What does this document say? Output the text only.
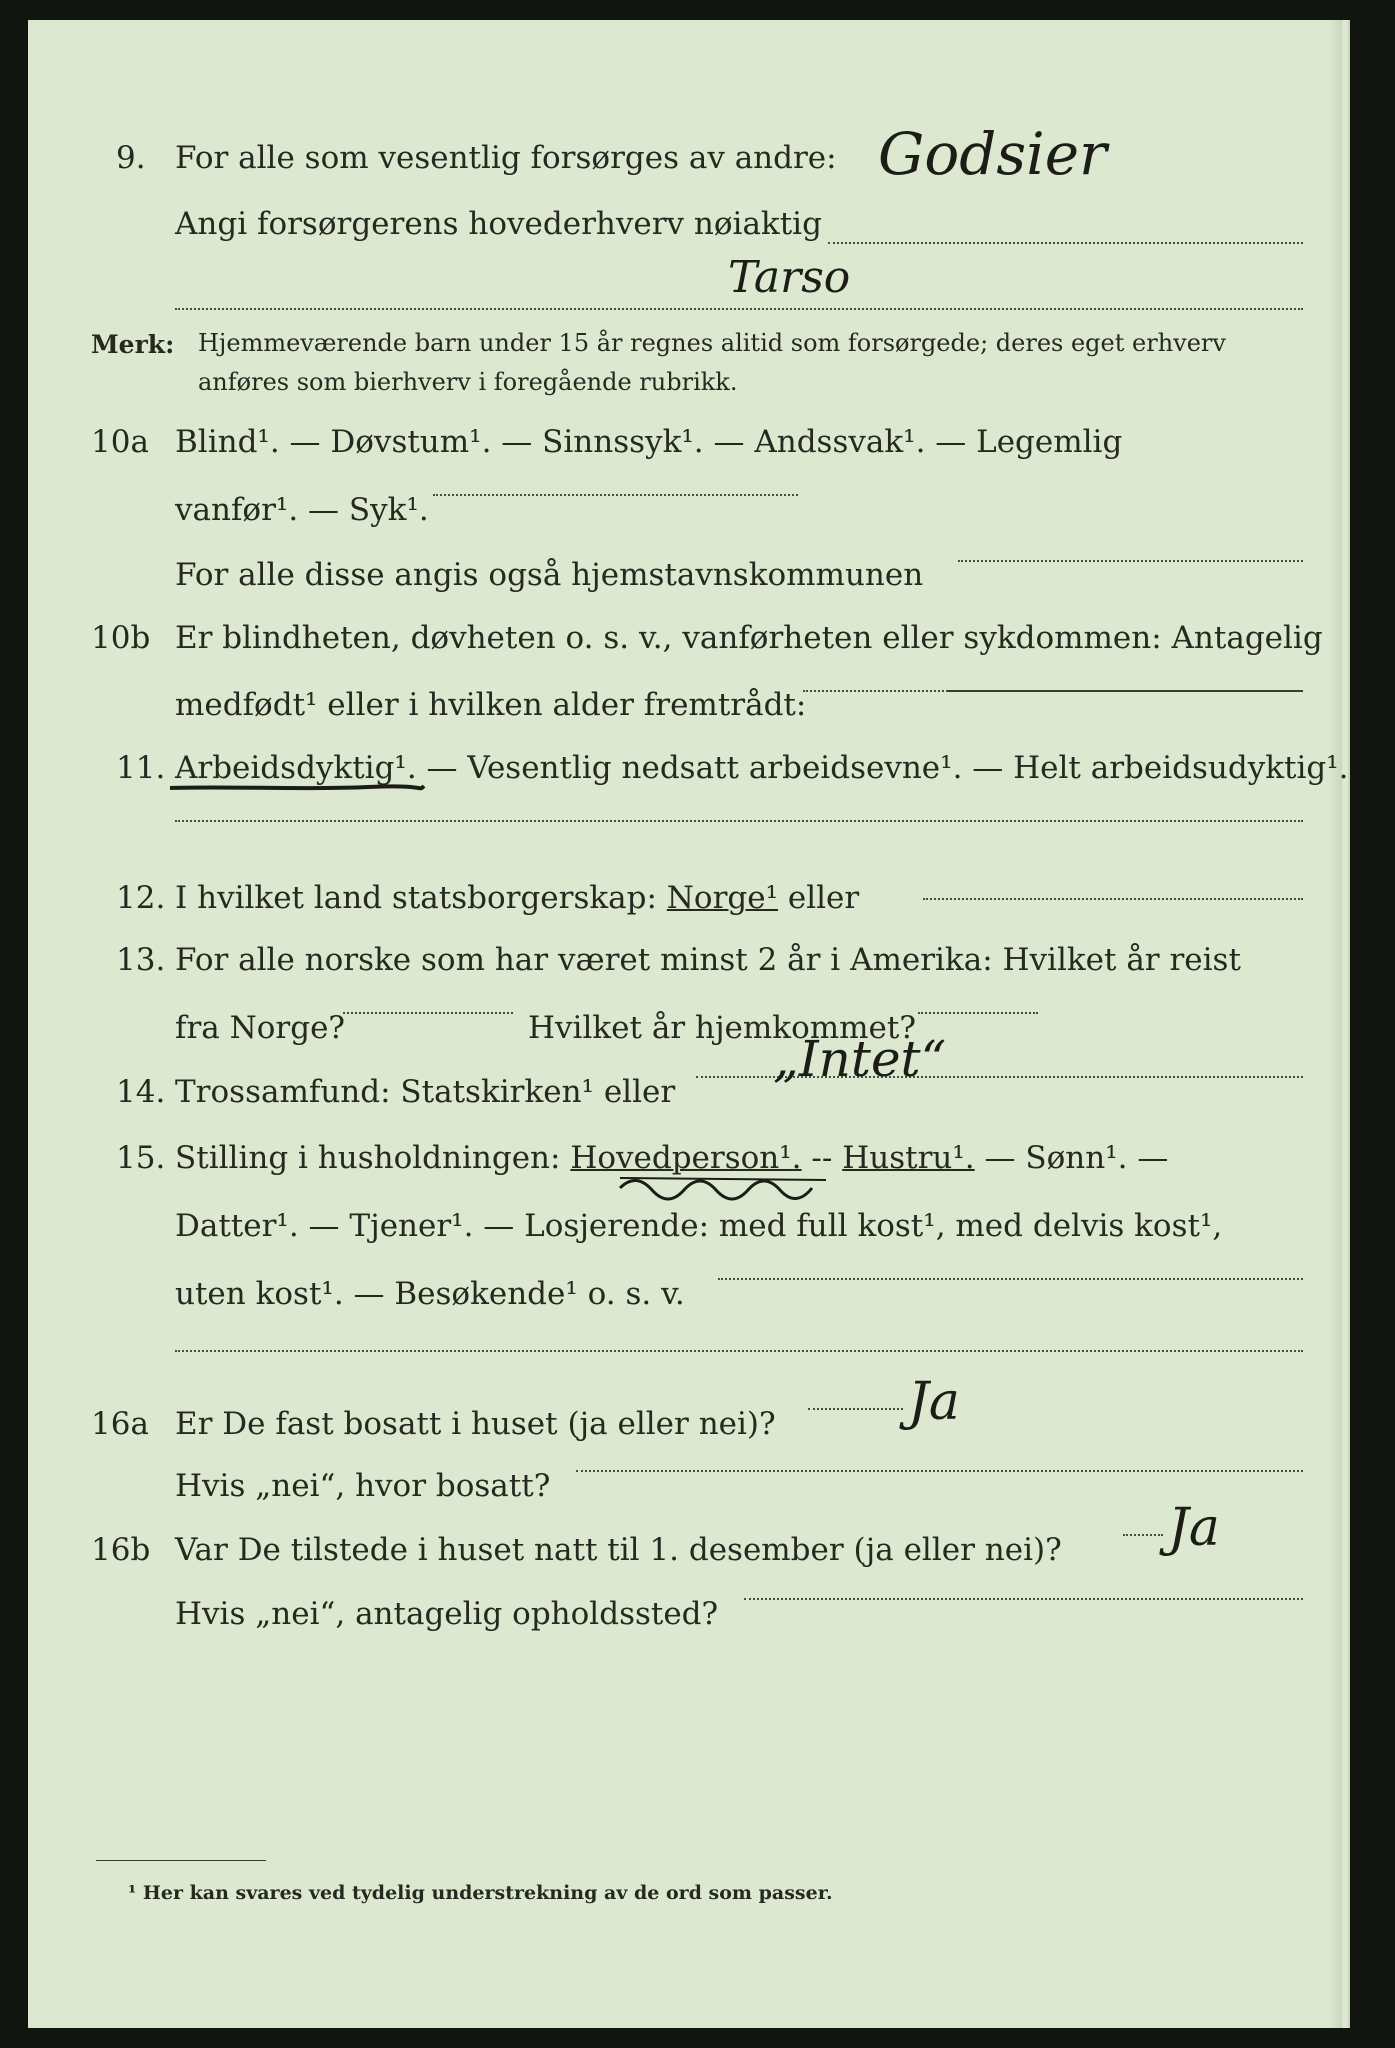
9. For alle som vesentlig forsørges av andre: Godsier
Angi forsørgerens hovederhverv nøiaktig
Tarso
Merk: Hjemmeværende barn under 15 år regnes alitid som forsørgede; deres eget erhverv
anføres som bierhverv i foregående rubrikk.
10a Blind¹. — Døvstum¹. — Sinnssyk¹. — Andssvak¹. — Legemlig
vanfør¹. — Syk¹.
For alle disse angis også hjemstavnskommunen
10b Er blindheten, døvheten o. s. v., vanførheten eller sykdommen: Antagelig
medfødt¹ eller i hvilken alder fremtrådt:
11. Arbeidsdyktig¹. — Vesentlig nedsatt arbeidsevne¹. — Helt arbeidsudyktig¹.
12. I hvilket land statsborgerskap: Norge¹ eller
13. For alle norske som har været minst 2 år i Amerika: Hvilket år reist
fra Norge?	Hvilket år hjemkommet?
14. Trossamfund: Statskirken¹ eller
„Intet“
15. Stilling i husholdningen: Hovedperson¹. -- Hustru¹. — Sønn¹. —
Datter¹. — Tjener¹. — Losjerende: med full kost¹, med delvis kost¹,
uten kost¹. — Besøkende¹ o. s. v.
16a Er De fast bosatt i huset (ja eller nei)?	Ja
Hvis „nei“, hvor bosatt?
16b Var De tilstede i huset natt til 1. desember (ja eller nei)? Ja
Hvis „nei“, antagelig opholdssted?
¹ Her kan svares ved tydelig understrekning av de ord som passer.
